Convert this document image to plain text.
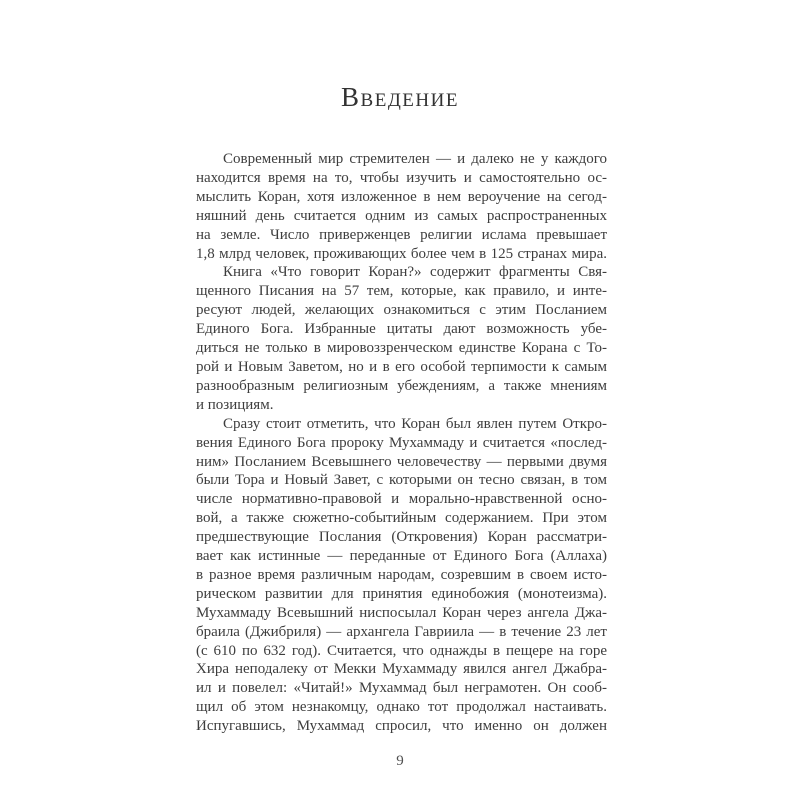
Введение
Современный мир стремителен — и далеко не у каждого
находится время на то, чтобы изучить и самостоятельно ос-
мыслить Коран, хотя изложенное в нем вероучение на сегод-
няшний день считается одним из самых распространенных
на земле. Число приверженцев религии ислама превышает
1,8 млрд человек, проживающих более чем в 125 странах мира.
Книга «Что говорит Коран?» содержит фрагменты Свя-
щенного Писания на 57 тем, которые, как правило, и инте-
ресуют людей, желающих ознакомиться с этим Посланием
Единого Бога. Избранные цитаты дают возможность убе-
диться не только в мировоззренческом единстве Корана с То-
рой и Новым Заветом, но и в его особой терпимости к самым
разнообразным религиозным убеждениям, а также мнениям
и позициям.
Сразу стоит отметить, что Коран был явлен путем Откро-
вения Единого Бога пророку Мухаммаду и считается «послед-
ним» Посланием Всевышнего человечеству — первыми двумя
были Тора и Новый Завет, с которыми он тесно связан, в том
числе нормативно-правовой и морально-нравственной осно-
вой, а также сюжетно-событийным содержанием. При этом
предшествующие Послания (Откровения) Коран рассматри-
вает как истинные — переданные от Единого Бога (Аллаха)
в разное время различным народам, созревшим в своем исто-
рическом развитии для принятия единобожия (монотеизма).
Мухаммаду Всевышний ниспосылал Коран через ангела Джа-
браила (Джибриля) — архангела Гавриила — в течение 23 лет
(с 610 по 632 год). Считается, что однажды в пещере на горе
Хира неподалеку от Мекки Мухаммаду явился ангел Джабра-
ил и повелел: «Читай!» Мухаммад был неграмотен. Он сооб-
щил об этом незнакомцу, однако тот продолжал настаивать.
Испугавшись, Мухаммад спросил, что именно он должен
9
